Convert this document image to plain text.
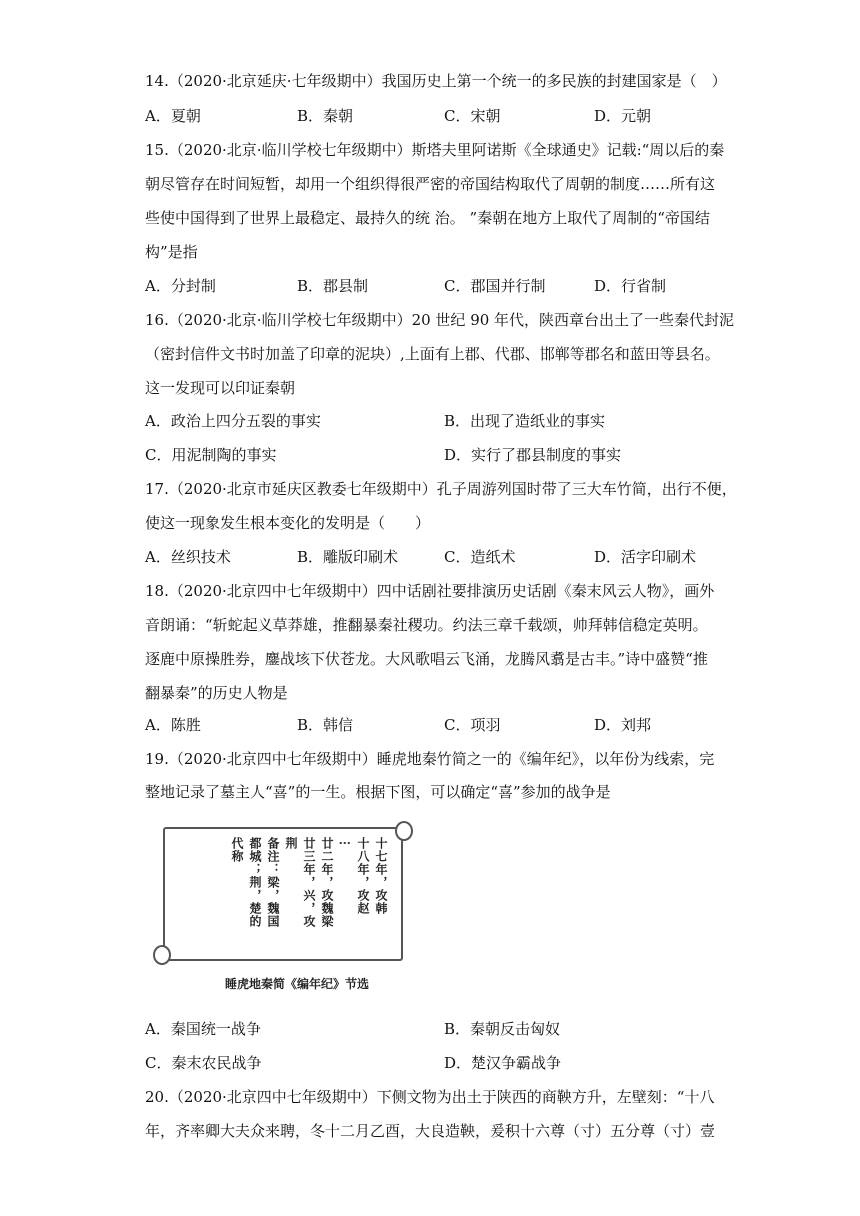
14.（2020·北京延庆·七年级期中）我国历史上第一个统一的多民族的封建国家是（　）
A．夏朝	B．秦朝	C．宋朝	D．元朝
15.（2020·北京·临川学校七年级期中）斯塔夫里阿诺斯《全球通史》记载:“周以后的秦
朝尽管存在时间短暂，却用一个组织得很严密的帝国结构取代了周朝的制度……所有这
些使中国得到了世界上最稳定、最持久的统 治。 ”秦朝在地方上取代了周制的“帝国结
构”是指
A．分封制	B．郡县制	C．郡国并行制	D．行省制
16.（2020·北京·临川学校七年级期中）20 世纪 90 年代，陕西章台出土了一些秦代封泥
（密封信件文书时加盖了印章的泥块）,上面有上郡、代郡、邯郸等郡名和蓝田等县名。
这一发现可以印证秦朝
A．政治上四分五裂的事实	B．出现了造纸业的事实
C．用泥制陶的事实	D．实行了郡县制度的事实
17.（2020·北京市延庆区教委七年级期中）孔子周游列国时带了三大车竹简，出行不便，
使这一现象发生根本变化的发明是（　　）
A．丝织技术	B．雕版印刷术	C．造纸术	D．活字印刷术
18.（2020·北京四中七年级期中）四中话剧社要排演历史话剧《秦末风云人物》，画外
音朗诵：“斩蛇起义草莽雄，推翻暴秦社稷功。约法三章千载颂，帅拜韩信稳定英明。
逐鹿中原操胜券，鏖战垓下伏苍龙。大风歌唱云飞涌，龙腾风翥是古丰。”诗中盛赞“推
翻暴秦”的历史人物是
A．陈胜	B．韩信	C．项羽	D．刘邦
19.（2020·北京四中七年级期中）睡虎地秦竹简之一的《编年纪》，以年份为线索，完
整地记录了墓主人“喜”的一生。根据下图，可以确定“喜”参加的战争是
十七年，攻韩
十八年，攻赵
⋮
廿二年，攻魏梁
廿三年，兴，攻
荆
备注：梁，魏国
都城；荆，楚的
代称
睡虎地秦简《编年纪》节选
A．秦国统一战争	B．秦朝反击匈奴
C．秦末农民战争	D．楚汉争霸战争
20.（2020·北京四中七年级期中）下侧文物为出土于陕西的商鞅方升，左壁刻：“十八
年，齐率卿大夫众来聘，冬十二月乙酉，大良造鞅，爰积十六尊（寸）五分尊（寸）壹
